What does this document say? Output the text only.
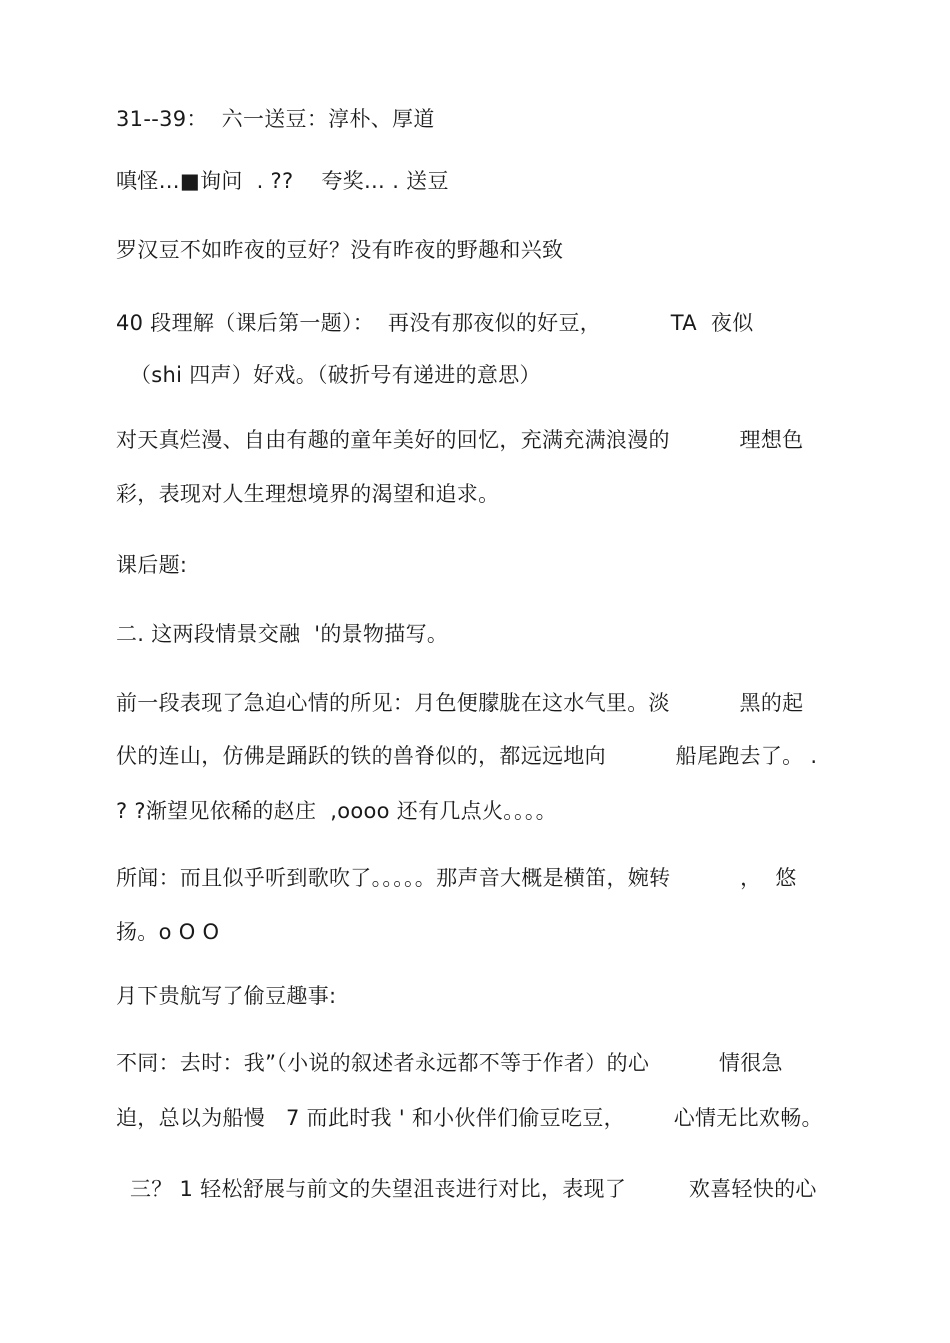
31--39：  六一送豆：淳朴、厚道
嗔怪…■询问  . ??    夸奖… . 送豆
罗汉豆不如昨夜的豆好？没有昨夜的野趣和兴致
40 段理解（课后第一题）：  再没有那夜似的好豆，          TA  夜似
（shi 四声）好戏。（破折号有递进的意思）
对天真烂漫、自由有趣的童年美好的回忆，充满充满浪漫的          理想色
彩，表现对人生理想境界的渴望和追求。
课后题:
二. 这两段情景交融  '的景物描写。
前一段表现了急迫心情的所见：月色便朦胧在这水气里。淡          黑的起
伏的连山，仿佛是踊跃的铁的兽脊似的，都远远地向          船尾跑去了。 .
? ?渐望见依稀的赵庄  ,oooo 还有几点火。。。。
所闻：而且似乎听到歌吹了。。。。。那声音大概是横笛，婉转          ，  悠
扬。o O O
月下贵航写了偷豆趣事:
不同：去时：我”（小说的叙述者永远都不等于作者）的心          情很急
迫，总以为船慢   7 而此时我 ' 和小伙伴们偷豆吃豆，       心情无比欢畅。
三？ 1 轻松舒展与前文的失望沮丧进行对比，表现了         欢喜轻快的心
